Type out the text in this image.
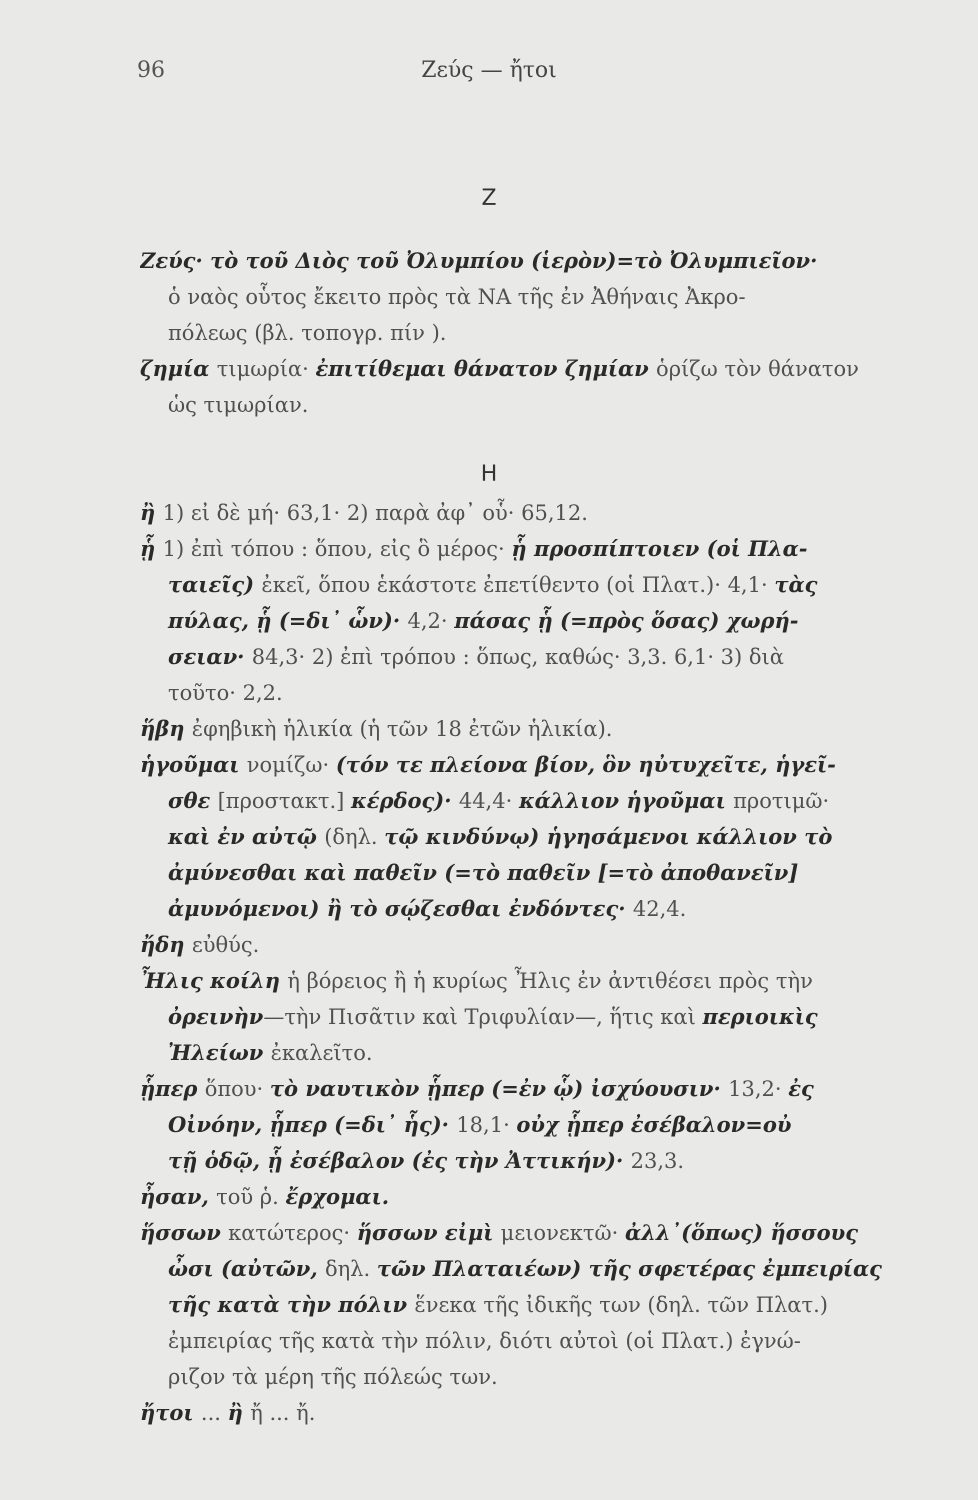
96	Ζεύς — ἤτοι
Ζ
Η
Ζεύς· τὸ τοῦ Διὸς τοῦ Ὀλυμπίου (ἱερὸν)=τὸ Ὀλυμπιεῖον·
ὁ ναὸς οὗτος ἔκειτο πρὸς τὰ ΝΑ τῆς ἐν Ἀθήναις Ἀκρο-
πόλεως (βλ. τοπογρ. πίν ).
ζημία τιμωρία· ἐπιτίθεμαι θάνατον ζημίαν ὁρίζω τὸν θάνατον
ὡς τιμωρίαν.
ἢ 1) εἰ δὲ μή· 63,1· 2) παρὰ ἀφ᾽ οὗ· 65,12.
ᾗ 1) ἐπὶ τόπου : ὅπου, εἰς ὃ μέρος· ᾗ προσπίπτοιεν (οἱ Πλα-
ταιεῖς) ἐκεῖ, ὅπου ἑκάστοτε ἐπετίθεντο (οἱ Πλατ.)· 4,1· τὰς
πύλας, ᾗ (=δι᾽ ὧν)· 4,2· πάσας ᾗ (=πρὸς ὅσας) χωρή-
σειαν· 84,3· 2) ἐπὶ τρόπου : ὅπως, καθώς· 3,3. 6,1· 3) διὰ
τοῦτο· 2,2.
ἥβη ἐφηβικὴ ἡλικία (ἡ τῶν 18 ἐτῶν ἡλικία).
ἡγοῦμαι νομίζω· (τόν τε πλείονα βίον, ὃν ηὐτυχεῖτε, ἡγεῖ-
σθε [προστακτ.] κέρδος)· 44,4· κάλλιον ἡγοῦμαι προτιμῶ·
καὶ ἐν αὐτῷ (δηλ. τῷ κινδύνῳ) ἡγησάμενοι κάλλιον τὸ
ἀμύνεσθαι καὶ παθεῖν (=τὸ παθεῖν [=τὸ ἀποθανεῖν]
ἀμυνόμενοι) ἢ τὸ σῴζεσθαι ἐνδόντες· 42,4.
ἤδη εὐθύς.
Ἦλις κοίλη ἡ βόρειος ἢ ἡ κυρίως Ἦλις ἐν ἀντιθέσει πρὸς τὴν
ὀρεινὴν—τὴν Πισᾶτιν καὶ Τριφυλίαν—, ἥτις καὶ περιοικὶς
Ἠλείων ἐκαλεῖτο.
ᾗπερ ὅπου· τὸ ναυτικὸν ᾗπερ (=ἐν ᾧ) ἰσχύουσιν· 13,2· ἐς
Οἰνόην, ᾗπερ (=δι᾽ ἧς)· 18,1· οὐχ ᾗπερ ἐσέβαλον=οὐ
τῇ ὁδῷ, ᾗ ἐσέβαλον (ἐς τὴν Ἀττικήν)· 23,3.
ἦσαν, τοῦ ῥ. ἔρχομαι.
ἥσσων κατώτερος· ἥσσων εἰμὶ μειονεκτῶ· ἀλλ᾽(ὅπως) ἥσσους
ὦσι (αὐτῶν, δηλ. τῶν Πλαταιέων) τῆς σφετέρας ἐμπειρίας
τῆς κατὰ τὴν πόλιν ἕνεκα τῆς ἰδικῆς των (δηλ. τῶν Πλατ.)
ἐμπειρίας τῆς κατὰ τὴν πόλιν, διότι αὐτοὶ (οἱ Πλατ.) ἐγνώ-
ριζον τὰ μέρη τῆς πόλεώς των.
ἤτοι ... ἢ ἤ ... ἤ.
